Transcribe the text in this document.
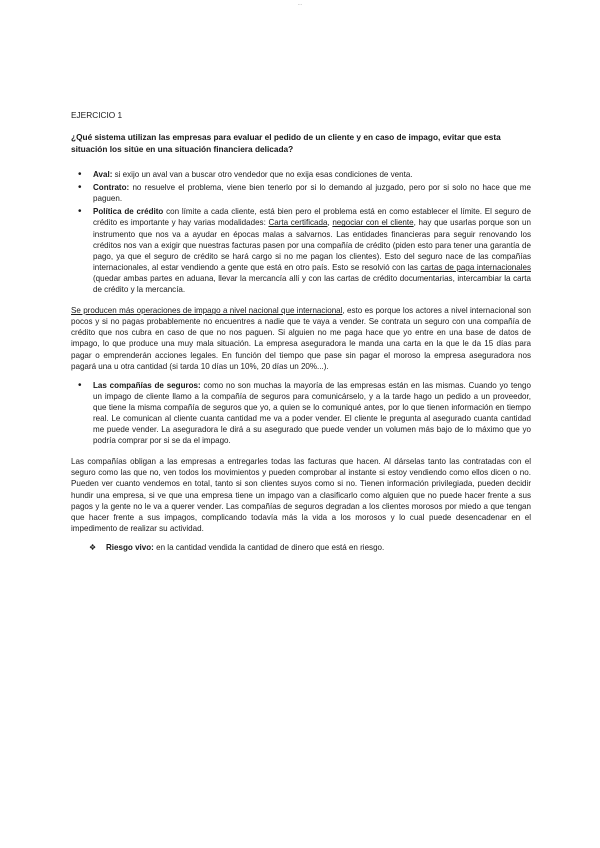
...
EJERCICIO 1
¿Qué sistema utilizan las empresas para evaluar el pedido de un cliente y en caso de impago, evitar que esta situación los sitúe en una situación financiera delicada?
• Aval: si exijo un aval van a buscar otro vendedor que no exija esas condiciones de venta.
• Contrato: no resuelve el problema, viene bien tenerlo por si lo demando al juzgado, pero por si solo no hace que me paguen.
• Política de crédito con límite a cada cliente, está bien pero el problema está en como establecer el límite. El seguro de crédito es importante y hay varias modalidades: Carta certificada, negociar con el cliente, hay que usarlas porque son un instrumento que nos va a ayudar en épocas malas a salvarnos. Las entidades financieras para seguir renovando los créditos nos van a exigir que nuestras facturas pasen por una compañía de crédito (piden esto para tener una garantía de pago, ya que el seguro de crédito se hará cargo si no me pagan los clientes). Esto del seguro nace de las compañías internacionales, al estar vendiendo a gente que está en otro país. Esto se resolvió con las cartas de paga internacionales (quedar ambas partes en aduana, llevar la mercancía allí y con las cartas de crédito documentarias, intercambiar la carta de crédito y la mercancía.

Se producen más operaciones de impago a nivel nacional que internacional, esto es porque los actores a nivel internacional son pocos y si no pagas probablemente no encuentres a nadie que te vaya a vender. Se contrata un seguro con una compañía de crédito que nos cubra en caso de que no nos paguen. Si alguien no me paga hace que yo entre en una base de datos de impago, lo que produce una muy mala situación. La empresa aseguradora le manda una carta en la que le da 15 días para pagar o emprenderán acciones legales. En función del tiempo que pase sin pagar el moroso la empresa aseguradora nos pagará una u otra cantidad (si tarda 10 días un 10%, 20 días un 20%...).

• Las compañías de seguros: como no son muchas la mayoría de las empresas están en las mismas. Cuando yo tengo un impago de cliente llamo a la compañía de seguros para comunicárselo, y a la tarde hago un pedido a un proveedor, que tiene la misma compañía de seguros que yo, a quien se lo comuniqué antes, por lo que tienen información en tiempo real. Le comunican al cliente cuanta cantidad me va a poder vender. El cliente le pregunta al asegurado cuanta cantidad me puede vender. La aseguradora le dirá a su asegurado que puede vender un volumen más bajo de lo máximo que yo podría comprar por si se da el impago.

Las compañías obligan a las empresas a entregarles todas las facturas que hacen. Al dárselas tanto las contratadas con el seguro como las que no, ven todos los movimientos y pueden comprobar al instante si estoy vendiendo como ellos dicen o no. Pueden ver cuanto vendemos en total, tanto si son clientes suyos como si no. Tienen información privilegiada, pueden decidir hundir una empresa, si ve que una empresa tiene un impago van a clasificarlo como alguien que no puede hacer frente a sus pagos y la gente no le va a querer vender. Las compañías de seguros degradan a los clientes morosos por miedo a que tengan que hacer frente a sus impagos, complicando todavía más la vida a los morosos y lo cual puede desencadenar en el impedimento de realizar su actividad.

❖ Riesgo vivo: en la cantidad vendida la cantidad de dinero que está en riesgo.
